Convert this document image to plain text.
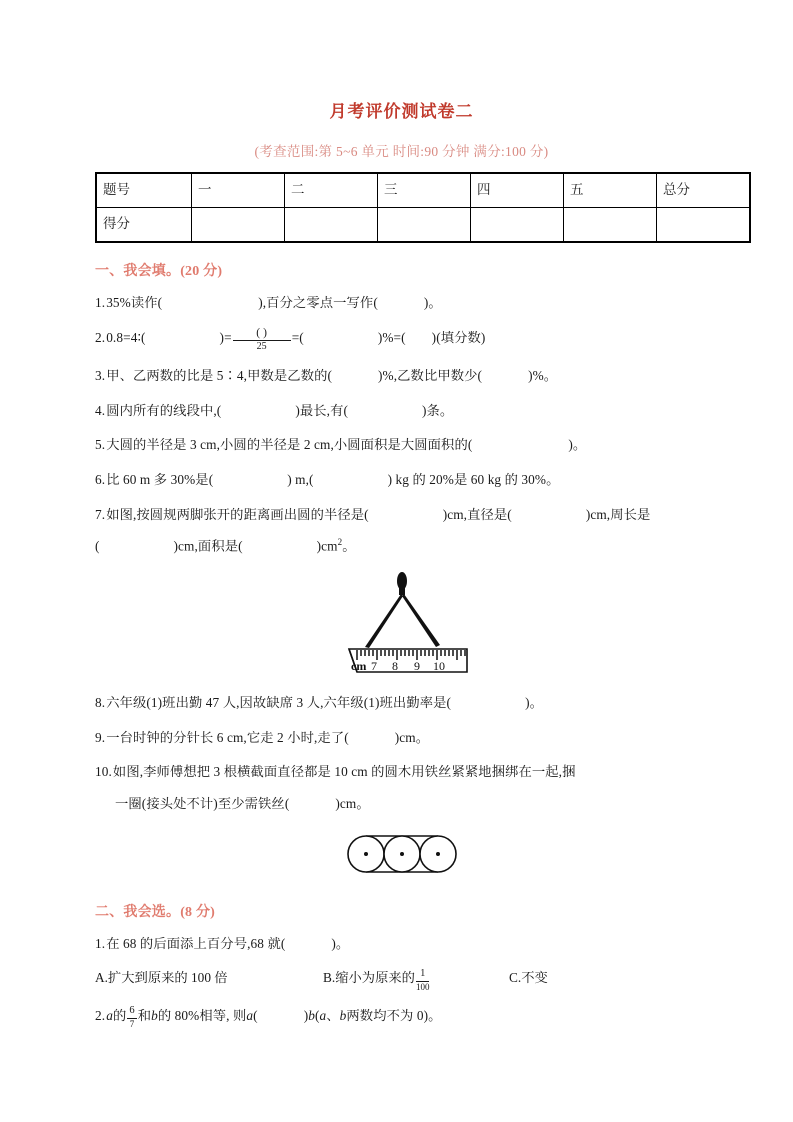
月考评价测试卷二
(考查范围:第 5~6 单元 时间:90 分钟 满分:100 分)
题号	一	二	三	四	五	总分
得分						
一、我会填。(20 分)
1.35%读作(	),百分之零点一写作(	)。
2.0.8=4∶(	)= $\frac{( )}{25}$ =(	)%=( )(填分数)
3.甲、乙两数的比是 5∶4,甲数是乙数的(	)%,乙数比甲数少(	)%。
4.圆内所有的线段中,(	)最长,有(	)条。
5.大圆的半径是 3 cm,小圆的半径是 2 cm,小圆面积是大圆面积的(	)。
6.比 60 m 多 30%是(	) m,(	) kg 的 20%是 60 kg 的 30%。
7.如图,按圆规两脚张开的距离画出圆的半径是(	)cm,直径是(	)cm,周长是
(	)cm,面积是(	)$cm^2$。
cm 7 8 9 10
8.六年级(1)班出勤 47 人,因故缺席 3 人,六年级(1)班出勤率是(	)。
9.一台时钟的分针长 6 cm,它走 2 小时,走了(	)cm。
10.如图,李师傅想把 3 根横截面直径都是 10 cm 的圆木用铁丝紧紧地捆绑在一起,捆
一圈(接头处不计)至少需铁丝(	)cm。
二、我会选。(8 分)
1.在 68 的后面添上百分号,68 就(	)。
A.扩大到原来的 100 倍	B.缩小为原来的 $\frac{1}{100}$	C.不变
2.a的 $\frac{6}{7}$ 和b的 80%相等, 则a(	)b(a、b两数均不为 0)。
